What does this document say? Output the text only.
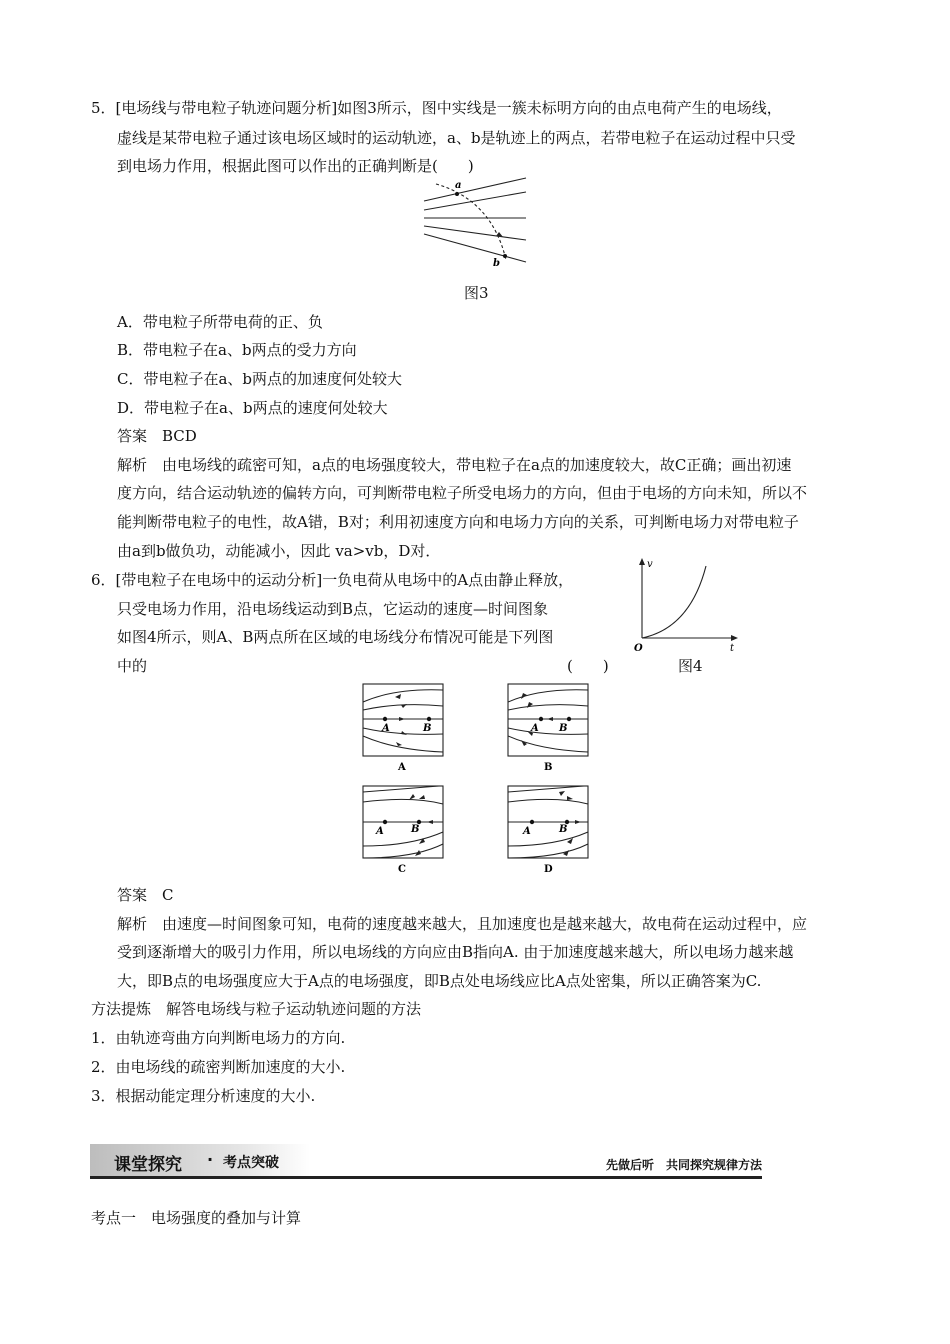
5．[电场线与带电粒子轨迹问题分析]如图3所示，图中实线是一簇未标明方向的由点电荷产生的电场线，
虚线是某带电粒子通过该电场区域时的运动轨迹，a、b是轨迹上的两点，若带电粒子在运动过程中只受
到电场力作用，根据此图可以作出的正确判断是(　　)
a
b
图3
A．带电粒子所带电荷的正、负
B．带电粒子在a、b两点的受力方向
C．带电粒子在a、b两点的加速度何处较大
D．带电粒子在a、b两点的速度何处较大
答案　BCD
解析　由电场线的疏密可知，a点的电场强度较大，带电粒子在a点的加速度较大，故C正确；画出初速
度方向，结合运动轨迹的偏转方向，可判断带电粒子所受电场力的方向，但由于电场的方向未知，所以不
能判断带电粒子的电性，故A错，B对；利用初速度方向和电场力方向的关系，可判断电场力对带电粒子
由a到b做负功，动能减小，因此 va>vb，D对．
6．[带电粒子在电场中的运动分析]一负电荷从电场中的A点由静止释放，
只受电场力作用，沿电场线运动到B点，它运动的速度—时间图象
如图4所示，则A、B两点所在区域的电场线分布情况可能是下列图
中的	(　　)
v
t
O
图4
A	B
A
A B
B
A	B
C
A	B
D
答案　C
解析　由速度—时间图象可知，电荷的速度越来越大，且加速度也是越来越大，故电荷在运动过程中，应
受到逐渐增大的吸引力作用，所以电场线的方向应由B指向A. 由于加速度越来越大，所以电场力越来越
大，即B点的电场强度应大于A点的电场强度，即B点处电场线应比A点处密集，所以正确答案为C.
方法提炼　解答电场线与粒子运动轨迹问题的方法
1．由轨迹弯曲方向判断电场力的方向.
2．由电场线的疏密判断加速度的大小.
3．根据动能定理分析速度的大小.
课堂探究 · 考点突破	先做后听　共同探究规律方法
考点一　电场强度的叠加与计算
